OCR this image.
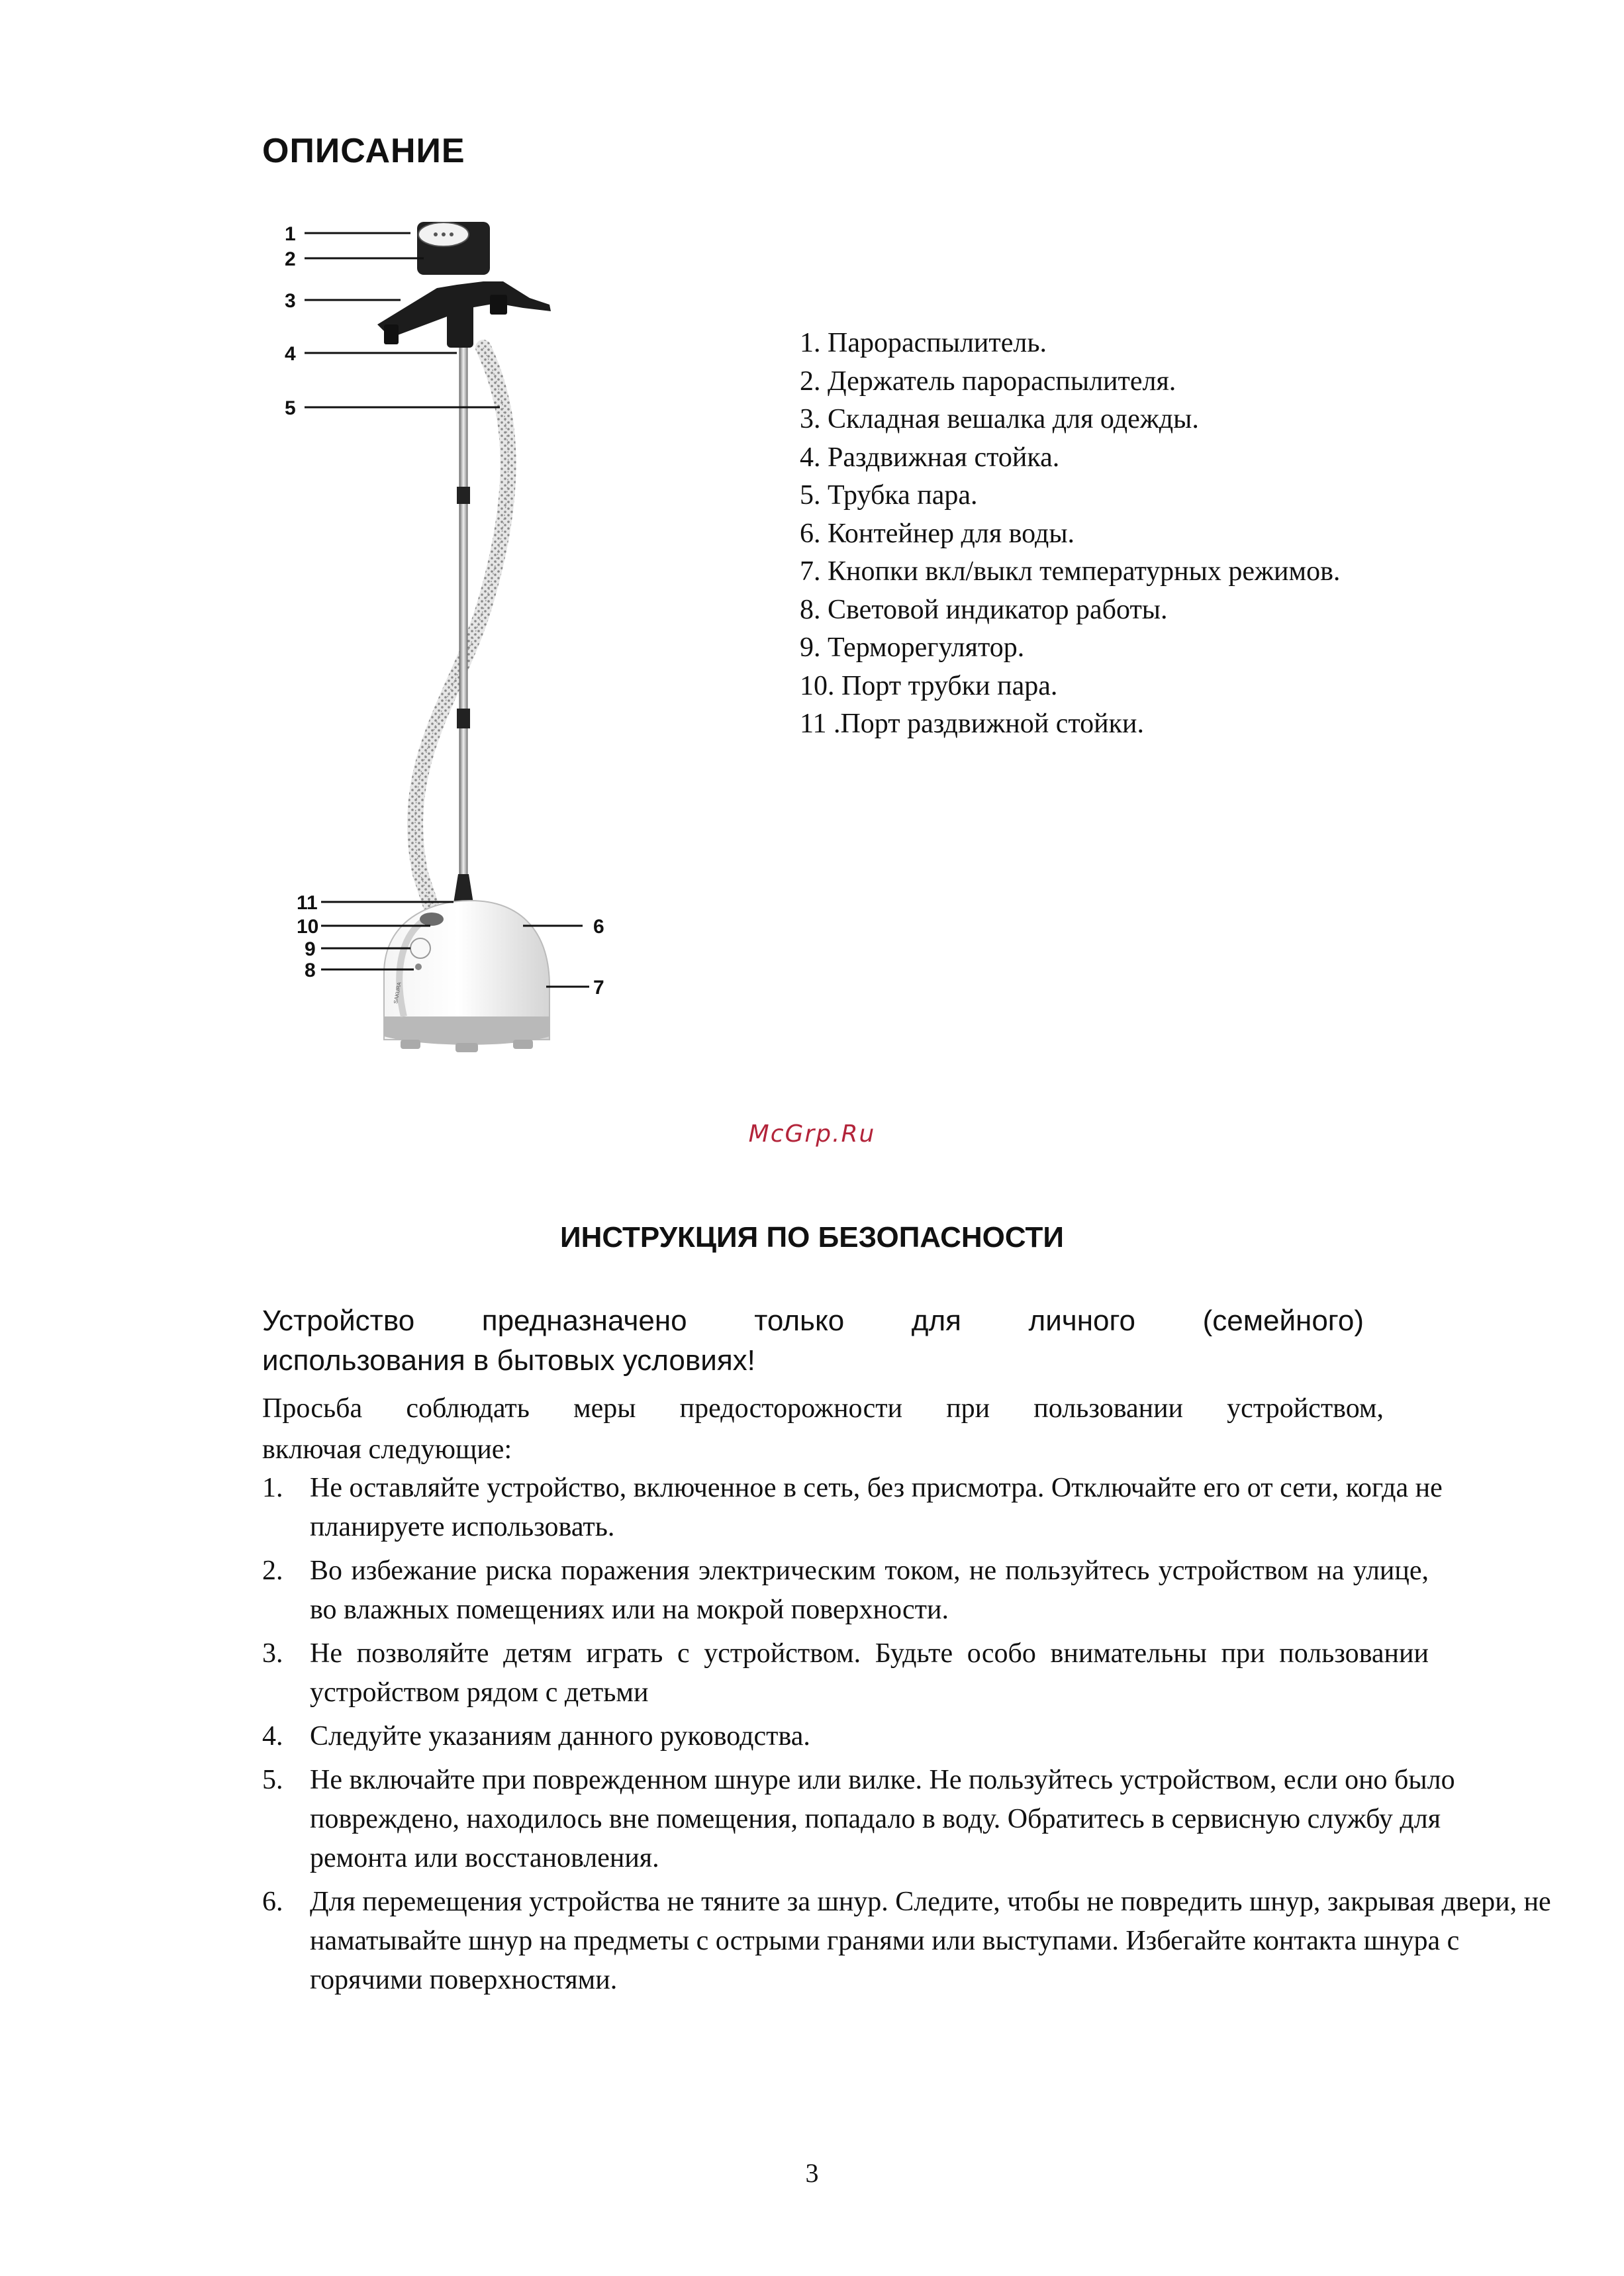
ОПИСАНИЕ
SAKURA
1
2
3
4
5
11
10
9
8
6
7
1. Парораспылитель.
2. Держатель парораспылителя.
3. Складная вешалка для одежды.
4. Раздвижная стойка.
5. Трубка пара.
6. Контейнер для воды.
7. Кнопки вкл/выкл температурных режимов.
8. Световой индикатор работы.
9. Терморегулятор.
10. Порт трубки пара.
11 .Порт раздвижной стойки.
McGrp.Ru
ИНСТРУКЦИЯ ПО БЕЗОПАСНОСТИ

Устройство предназначено только для личного (семейного)
использования в бытовых условиях!

Просьба соблюдать меры предосторожности при пользовании устройством,
включая следующие:

1. Не оставляйте устройство, включенное в сеть, без присмотра. Отключайте его от сети, когда не планируете использовать.
2. Во избежание риска поражения электрическим током, не пользуйтесь устройством на улице, во влажных помещениях или на мокрой поверхности.
3. Не позволяйте детям играть с устройством. Будьте особо внимательны при пользовании устройством рядом с детьми
4. Следуйте указаниям данного руководства.
5. Не включайте при поврежденном шнуре или вилке. Не пользуйтесь устройством, если оно было повреждено, находилось вне помещения, попадало в воду. Обратитесь в сервисную службу для ремонта или восстановления.
6. Для перемещения устройства не тяните за шнур. Следите, чтобы не повредить шнур, закрывая двери, не наматывайте шнур на предметы с острыми гранями или выступами. Избегайте контакта шнура с горячими поверхностями.
3
